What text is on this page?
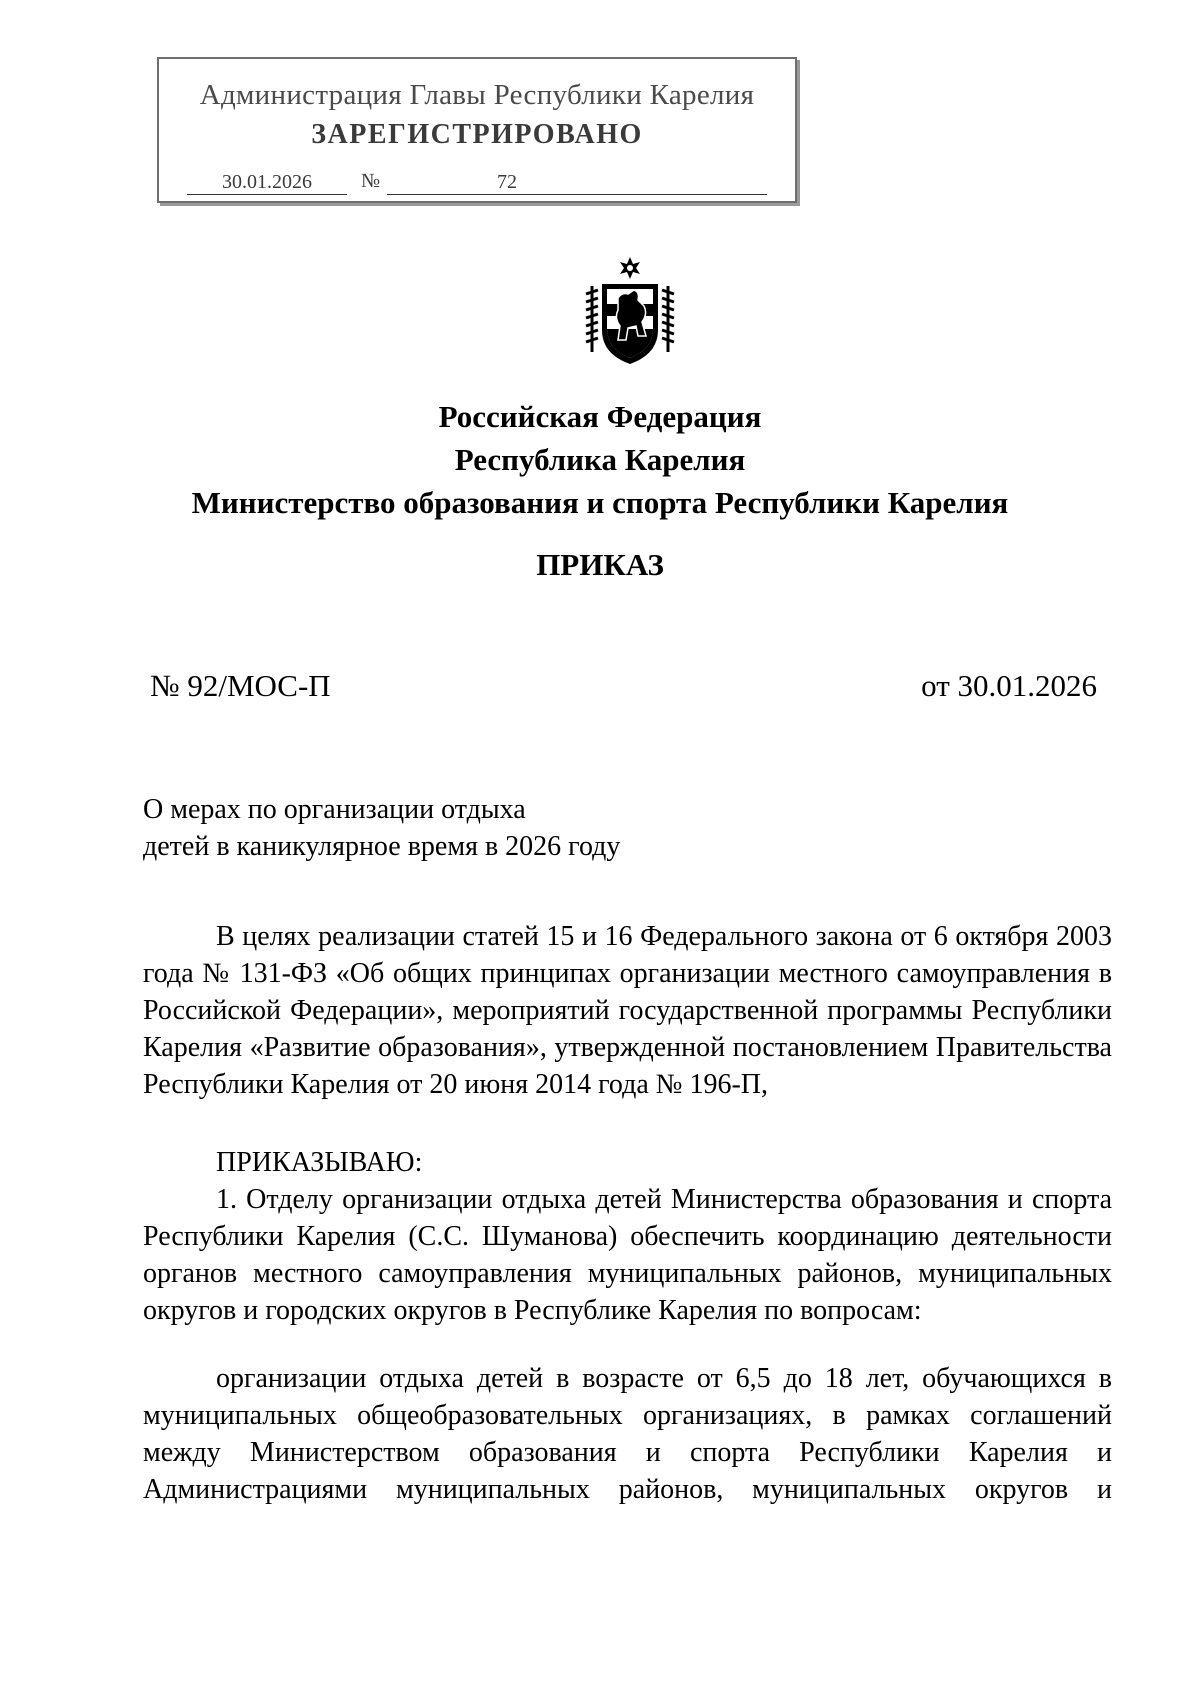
Администрация Главы Республики Карелия
ЗАРЕГИСТРИРОВАНО
30.01.2026	№	72
Российская Федерация
Республика Карелия
Министерство образования и спорта Республики Карелия
ПРИКАЗ
№ 92/МОС-П	от 30.01.2026
О мерах по организации отдыха
детей в каникулярное время в 2026 году
В целях реализации статей 15 и 16 Федерального закона от 6 октября 2003 года № 131-ФЗ «Об общих принципах организации местного самоуправления в Российской Федерации», мероприятий государственной программы Республики Карелия «Развитие образования», утвержденной постановлением Правительства Республики Карелия от 20 июня 2014 года № 196-П,
ПРИКАЗЫВАЮ:
1. Отделу организации отдыха детей Министерства образования и спорта Республики Карелия (С.С. Шуманова) обеспечить координацию деятельности органов местного самоуправления муниципальных районов, муниципальных округов и городских округов в Республике Карелия по вопросам:
организации отдыха детей в возрасте от 6,5 до 18 лет, обучающихся в муниципальных общеобразовательных организациях, в рамках соглашений между Министерством образования и спорта Республики Карелия и Администрациями муниципальных районов, муниципальных округов и
